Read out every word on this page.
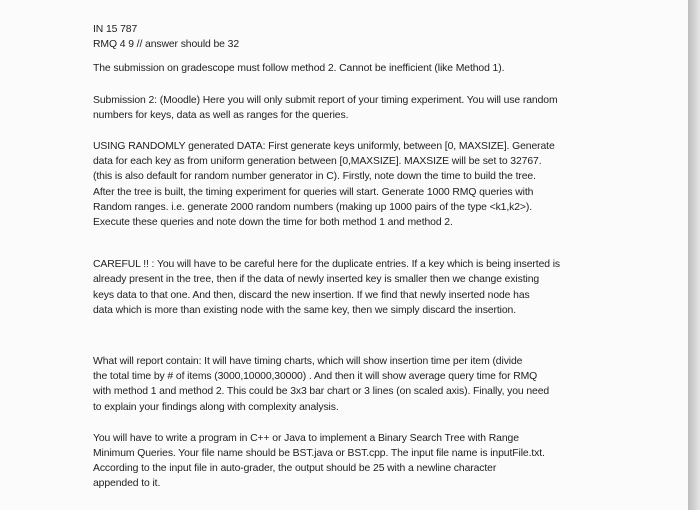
IN 15 787

RMQ 4 9 // answer should be 32

The submission on gradescope must follow method 2. Cannot be inefficient (like Method 1).

Submission 2: (Moodle) Here you will only submit report of your timing experiment. You will use random
numbers for keys, data as well as ranges for the queries.

USING RANDOMLY generated DATA: First generate keys uniformly, between [0, MAXSIZE]. Generate
data for each key as from uniform generation between [0,MAXSIZE]. MAXSIZE will be set to 32767.
(this is also default for random number generator in C). Firstly, note down the time to build the tree.
After the tree is built, the timing experiment for queries will start. Generate 1000 RMQ queries with
Random ranges. i.e. generate 2000 random numbers (making up 1000 pairs of the type <k1,k2>).
Execute these queries and note down the time for both method 1 and method 2.

CAREFUL !! : You will have to be careful here for the duplicate entries. If a key which is being inserted is
already present in the tree, then if the data of newly inserted key is smaller then we change existing
keys data to that one. And then, discard the new insertion. If we find that newly inserted node has
data which is more than existing node with the same key, then we simply discard the insertion.

What will report contain: It will have timing charts, which will show insertion time per item (divide
the total time by # of items (3000,10000,30000) . And then it will show average query time for RMQ
with method 1 and method 2. This could be 3x3 bar chart or 3 lines (on scaled axis). Finally, you need
to explain your findings along with complexity analysis.

You will have to write a program in C++ or Java to implement a Binary Search Tree with Range
Minimum Queries. Your file name should be BST.java or BST.cpp. The input file name is inputFile.txt.
According to the input file in auto-grader, the output should be 25 with a newline character
appended to it.
